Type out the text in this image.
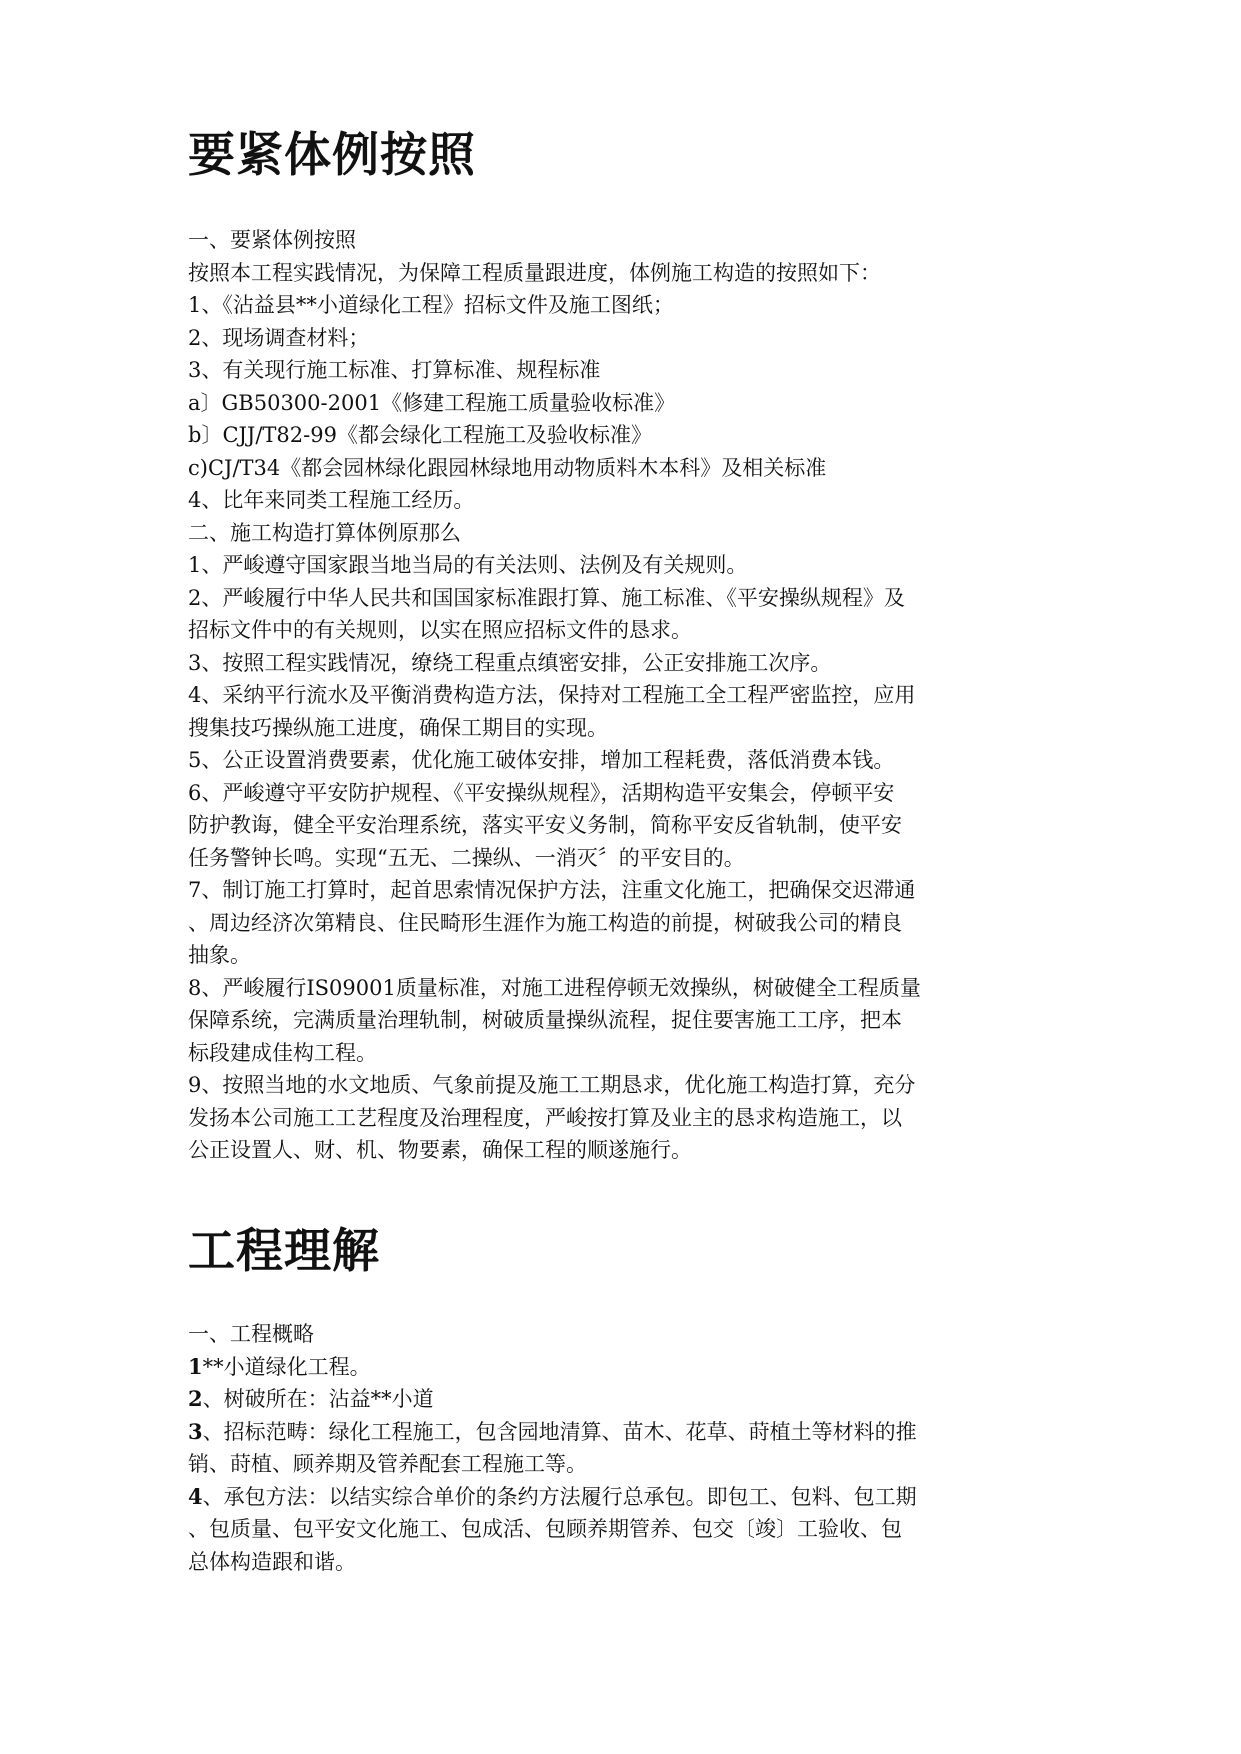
要紧体例按照
一、要紧体例按照
按照本工程实践情况，为保障工程质量跟进度，体例施工构造的按照如下：
1、《沾益县**小道绿化工程》招标文件及施工图纸；
2、现场调查材料；
3、有关现行施工标准、打算标准、规程标准
a〕GB50300-2001《修建工程施工质量验收标准》
b〕CJJ/T82-99《都会绿化工程施工及验收标准》
c)CJ/T34《都会园林绿化跟园林绿地用动物质料木本科》及相关标准
4、比年来同类工程施工经历。
二、施工构造打算体例原那么
1、严峻遵守国家跟当地当局的有关法则、法例及有关规则。
2、严峻履行中华人民共和国国家标准跟打算、施工标准、《平安操纵规程》及
招标文件中的有关规则，以实在照应招标文件的恳求。
3、按照工程实践情况，缭绕工程重点缜密安排，公正安排施工次序。
4、采纳平行流水及平衡消费构造方法，保持对工程施工全工程严密监控，应用
搜集技巧操纵施工进度，确保工期目的实现。
5、公正设置消费要素，优化施工破体安排，增加工程耗费，落低消费本钱。
6、严峻遵守平安防护规程、《平安操纵规程》，活期构造平安集会，停顿平安
防护教诲，健全平安治理系统，落实平安义务制，简称平安反省轨制，使平安
任务警钟长鸣。实现“五无、二操纵、一消灭〞的平安目的。
7、制订施工打算时，起首思索情况保护方法，注重文化施工，把确保交迟滞通
、周边经济次第精良、住民畸形生涯作为施工构造的前提，树破我公司的精良
抽象。
8、严峻履行IS09001质量标准，对施工进程停顿无效操纵，树破健全工程质量
保障系统，完满质量治理轨制，树破质量操纵流程，捉住要害施工工序，把本
标段建成佳构工程。
9、按照当地的水文地质、气象前提及施工工期恳求，优化施工构造打算，充分
发扬本公司施工工艺程度及治理程度，严峻按打算及业主的恳求构造施工，以
公正设置人、财、机、物要素，确保工程的顺遂施行。
工程理解
一、工程概略
1**小道绿化工程。
2、树破所在：沾益**小道
3、招标范畴：绿化工程施工，包含园地清算、苗木、花草、莳植土等材料的推
销、莳植、顾养期及管养配套工程施工等。
4、承包方法：以结实综合单价的条约方法履行总承包。即包工、包料、包工期
、包质量、包平安文化施工、包成活、包顾养期管养、包交〔竣〕工验收、包
总体构造跟和谐。
